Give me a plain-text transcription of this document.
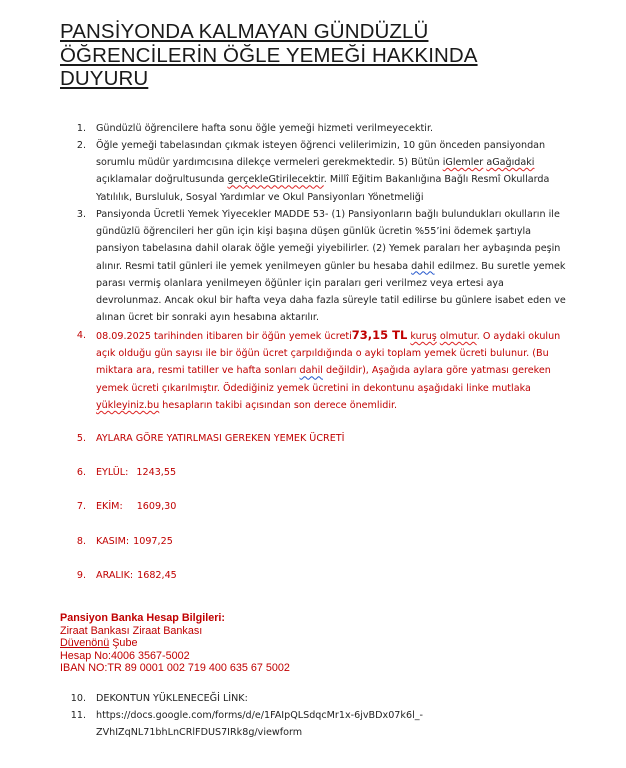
PANSİYONDA KALMAYAN GÜNDÜZLÜ
ÖĞRENCİLERİN ÖĞLE YEMEĞİ HAKKINDA
DUYURU
1. Gündüzlü öğrencilere hafta sonu öğle yemeği hizmeti verilmeyecektir.
2. Öğle yemeği tabelasından çıkmak isteyen öğrenci velilerimizin, 10 gün önceden pansiyondan sorumlu müdür yardımcısına dilekçe vermeleri gerekmektedir. 5) Bütün iGlemler aGağıdaki açıklamalar doğrultusunda gerçekleGtirilecektir. Millî Eğitim Bakanlığına Bağlı Resmî Okullarda Yatılılık, Bursluluk, Sosyal Yardımlar ve Okul Pansiyonları Yönetmeliği
3. Pansiyonda Ücretli Yemek Yiyecekler MADDE 53- (1) Pansiyonların bağlı bulundukları okulların ile gündüzlü öğrencileri her gün için kişi başına düşen günlük ücretin %55’ini ödemek şartıyla pansiyon tabelasına dahil olarak öğle yemeği yiyebilirler. (2) Yemek paraları her aybaşında peşin alınır. Resmi tatil günleri ile yemek yenilmeyen günler bu hesaba dahil edilmez. Bu suretle yemek parası vermiş olanlara yenilmeyen öğünler için paraları geri verilmez veya ertesi aya devrolunmaz. Ancak okul bir hafta veya daha fazla süreyle tatil edilirse bu günlere isabet eden ve alınan ücret bir sonraki ayın hesabına aktarılır.
4. 08.09.2025 tarihinden itibaren bir öğün yemek ücreti73,15 TL kuruş olmutur. O aydaki okulun açık olduğu gün sayısı ile bir öğün ücret çarpıldığında o ayki toplam yemek ücreti bulunur. (Bu miktara ara, resmi tatiller ve hafta sonları dahil değildir), Aşağıda aylara göre yatması gereken yemek ücreti çıkarılmıştır. Ödediğiniz yemek ücretini in dekontunu aşağıdaki linke mutlaka yükleyiniz.bu hesapların takibi açısından son derece önemlidir.
5. AYLARA GÖRE YATIRLMASI GEREKEN YEMEK ÜCRETİ
6. EYLÜL: 1243,55
7. EKİM: 1609,30
8. KASIM: 1097,25
9. ARALIK: 1682,45
Pansiyon Banka Hesap Bilgileri:
Ziraat Bankası Ziraat Bankası
Düvenönü Şube
Hesap No:4006 3567-5002
IBAN NO:TR 89 0001 002 719 400 635 67 5002
10. DEKONTUN YÜKLENECEĞİ LİNK:
11. https://docs.google.com/forms/d/e/1FAIpQLSdqcMr1x-6jvBDx07k6l_-
ZVhIZqNL71bhLnCRlFDUS7IRk8g/viewform
